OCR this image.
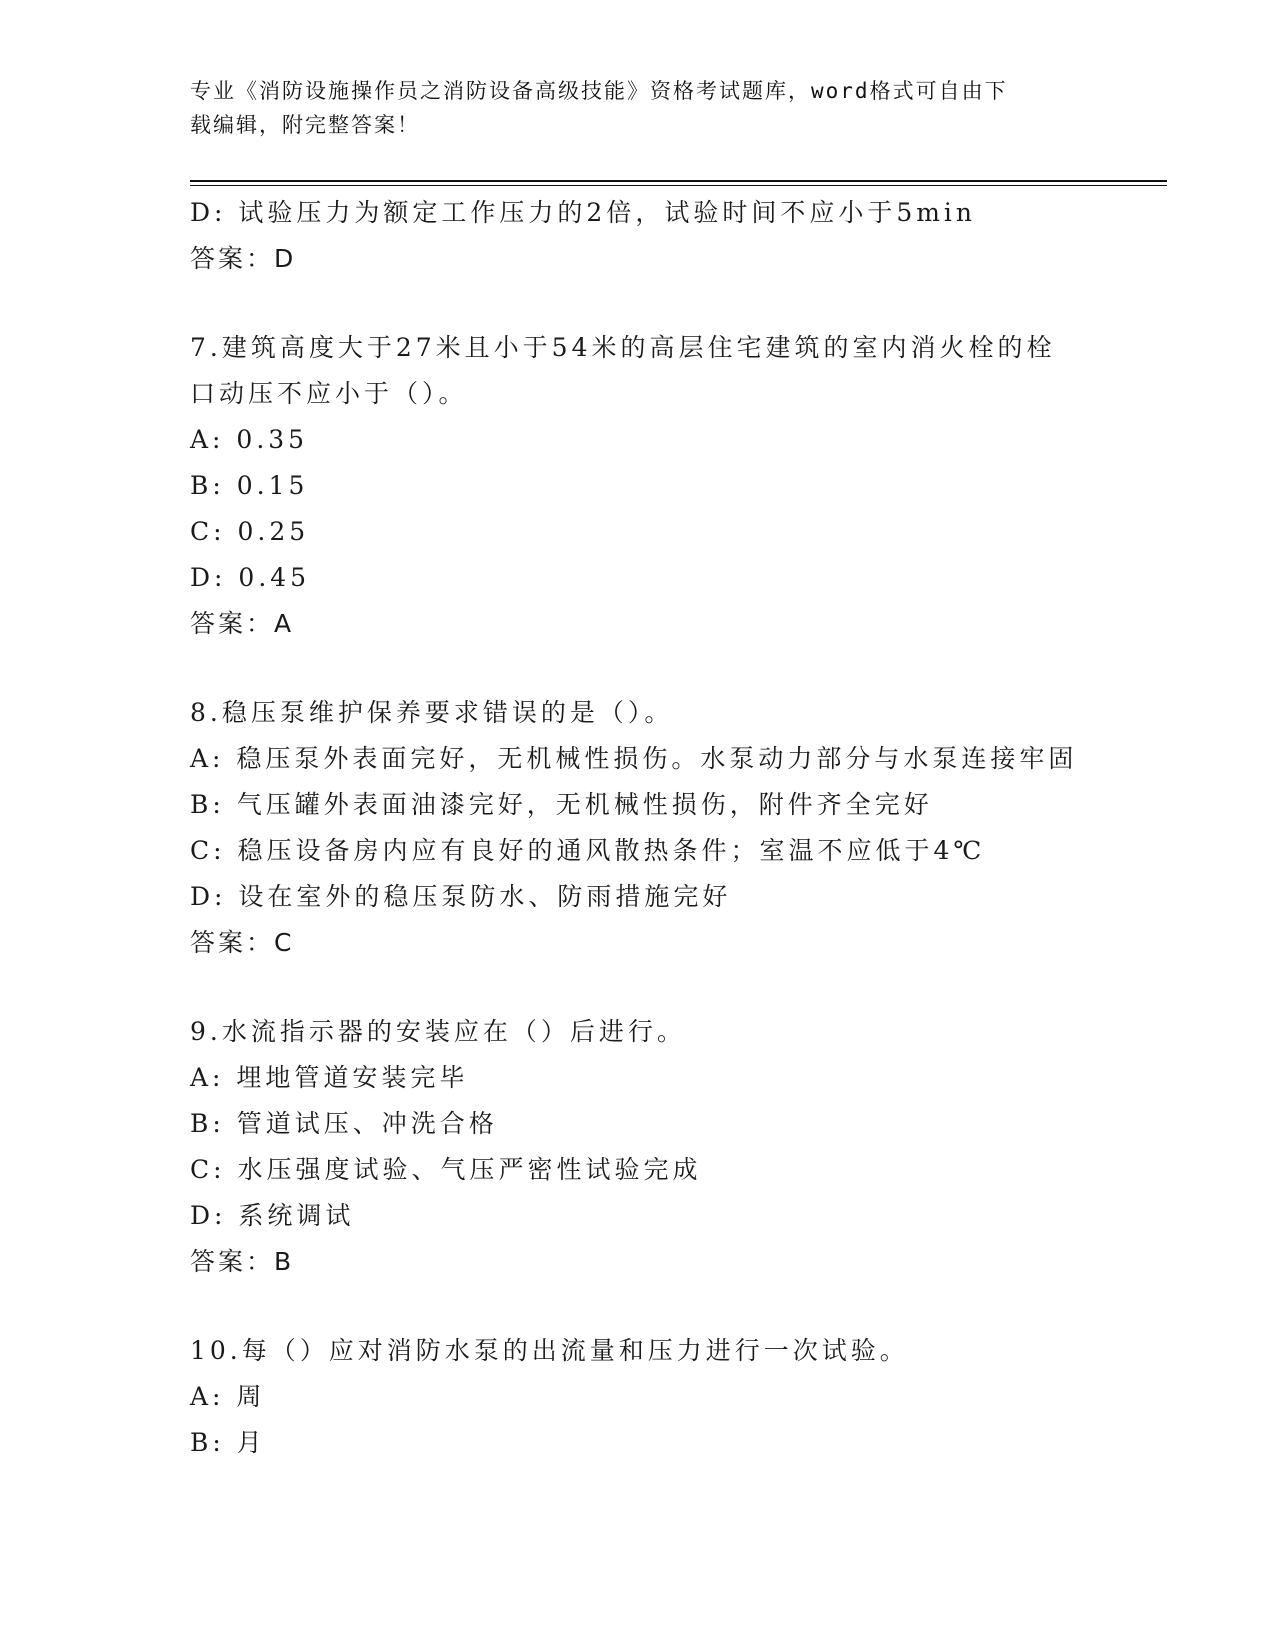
专业《消防设施操作员之消防设备高级技能》资格考试题库，word格式可自由下
载编辑，附完整答案！
D: 试验压力为额定工作压力的2倍，试验时间不应小于5min
答案：D
7.建筑高度大于27米且小于54米的高层住宅建筑的室内消火栓的栓
口动压不应小于（）。
A: 0.35
B: 0.15
C: 0.25
D: 0.45
答案：A
8.稳压泵维护保养要求错误的是（）。
A: 稳压泵外表面完好，无机械性损伤。水泵动力部分与水泵连接牢固
B: 气压罐外表面油漆完好，无机械性损伤，附件齐全完好
C: 稳压设备房内应有良好的通风散热条件；室温不应低于4℃
D: 设在室外的稳压泵防水、防雨措施完好
答案：C
9.水流指示器的安装应在（）后进行。
A: 埋地管道安装完毕
B: 管道试压、冲洗合格
C: 水压强度试验、气压严密性试验完成
D: 系统调试
答案：B
10.每（）应对消防水泵的出流量和压力进行一次试验。
A: 周
B: 月
